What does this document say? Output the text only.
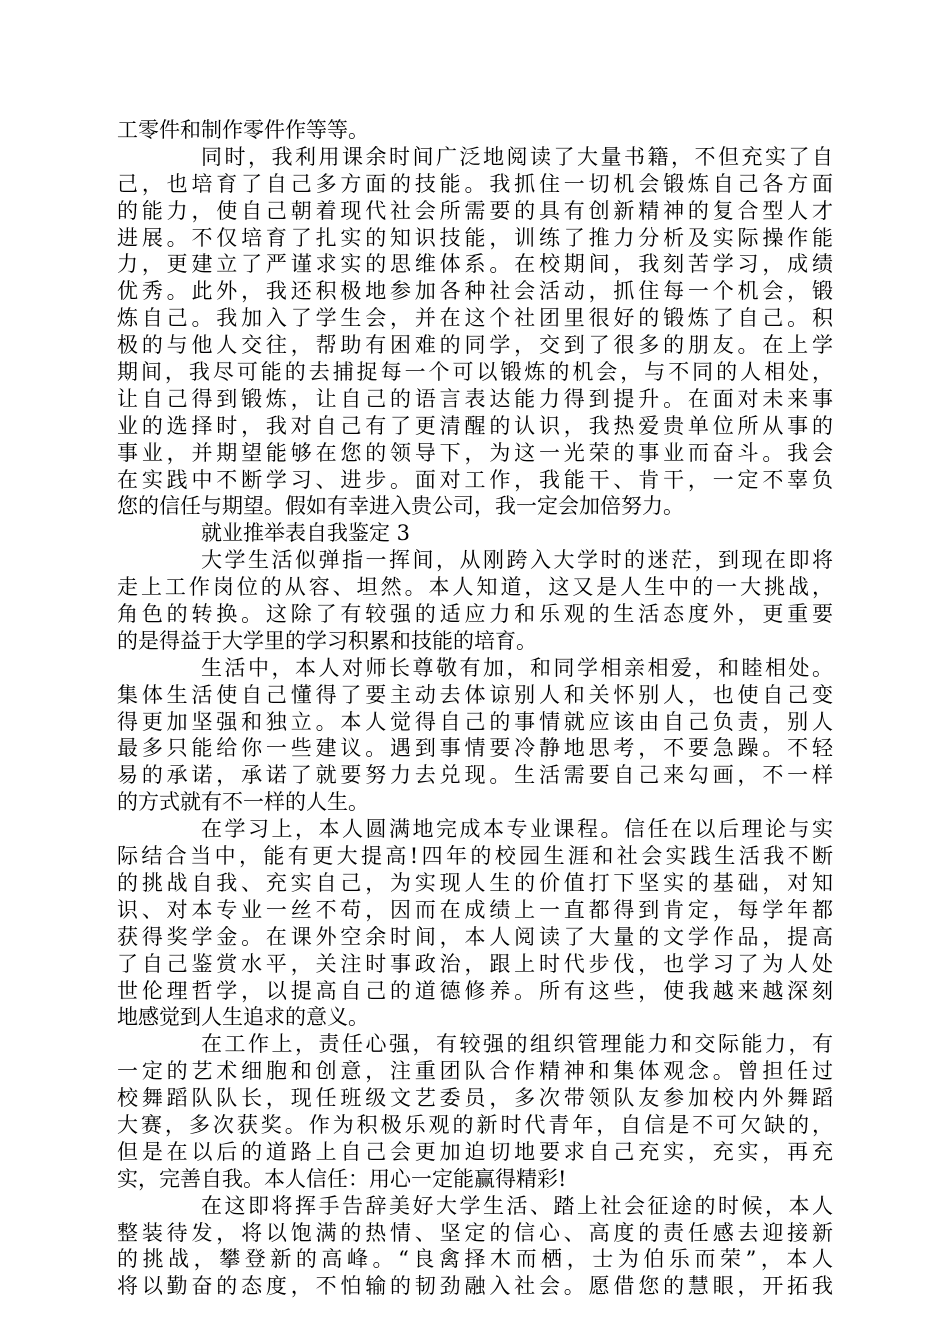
工零件和制作零件作等等。
同时，我利用课余时间广泛地阅读了大量书籍，不但充实了自
己，也培育了自己多方面的技能。我抓住一切机会锻炼自己各方面
的能力，使自己朝着现代社会所需要的具有创新精神的复合型人才
进展。不仅培育了扎实的知识技能，训练了推力分析及实际操作能
力，更建立了严谨求实的思维体系。在校期间，我刻苦学习，成绩
优秀。此外，我还积极地参加各种社会活动，抓住每一个机会，锻
炼自己。我加入了学生会，并在这个社团里很好的锻炼了自己。积
极的与他人交往，帮助有困难的同学，交到了很多的朋友。在上学
期间，我尽可能的去捕捉每一个可以锻炼的机会，与不同的人相处，
让自己得到锻炼，让自己的语言表达能力得到提升。在面对未来事
业的选择时，我对自己有了更清醒的认识，我热爱贵单位所从事的
事业，并期望能够在您的领导下，为这一光荣的事业而奋斗。我会
在实践中不断学习、进步。面对工作，我能干、肯干，一定不辜负
您的信任与期望。假如有幸进入贵公司，我一定会加倍努力。
就业推举表自我鉴定 3
大学生活似弹指一挥间，从刚跨入大学时的迷茫，到现在即将
走上工作岗位的从容、坦然。本人知道，这又是人生中的一大挑战，
角色的转换。这除了有较强的适应力和乐观的生活态度外，更重要
的是得益于大学里的学习积累和技能的培育。
生活中，本人对师长尊敬有加，和同学相亲相爱，和睦相处。
集体生活使自己懂得了要主动去体谅别人和关怀别人，也使自己变
得更加坚强和独立。本人觉得自己的事情就应该由自己负责，别人
最多只能给你一些建议。遇到事情要冷静地思考，不要急躁。不轻
易的承诺，承诺了就要努力去兑现。生活需要自己来勾画，不一样
的方式就有不一样的人生。
在学习上，本人圆满地完成本专业课程。信任在以后理论与实
际结合当中，能有更大提高!四年的校园生涯和社会实践生活我不断
的挑战自我、充实自己，为实现人生的价值打下坚实的基础，对知
识、对本专业一丝不苟，因而在成绩上一直都得到肯定，每学年都
获得奖学金。在课外空余时间，本人阅读了大量的文学作品，提高
了自己鉴赏水平，关注时事政治，跟上时代步伐，也学习了为人处
世伦理哲学，以提高自己的道德修养。所有这些，使我越来越深刻
地感觉到人生追求的意义。
在工作上，责任心强，有较强的组织管理能力和交际能力，有
一定的艺术细胞和创意，注重团队合作精神和集体观念。曾担任过
校舞蹈队队长，现任班级文艺委员，多次带领队友参加校内外舞蹈
大赛，多次获奖。作为积极乐观的新时代青年，自信是不可欠缺的，
但是在以后的道路上自己会更加迫切地要求自己充实，充实，再充
实，完善自我。本人信任：用心一定能赢得精彩!
在这即将挥手告辞美好大学生活、踏上社会征途的时候，本人
整装待发，将以饱满的热情、坚定的信心、高度的责任感去迎接新
的挑战，攀登新的高峰。“良禽择木而栖，士为伯乐而荣”，本人
将以勤奋的态度，不怕输的韧劲融入社会。愿借您的慧眼，开拓我
